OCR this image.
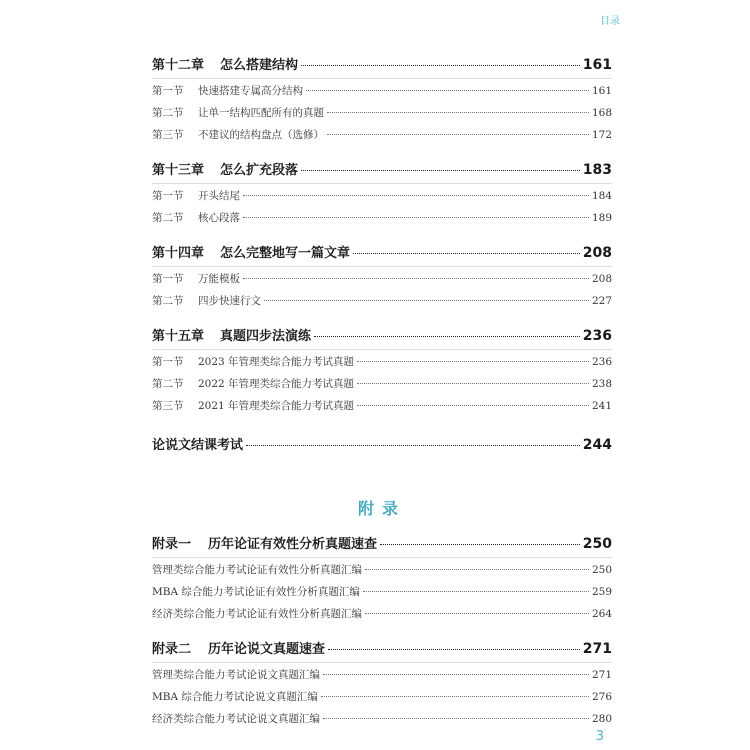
目录
第十二章	怎么搭建结构	161
第一节	快速搭建专属高分结构	161
第二节	让单一结构匹配所有的真题	168
第三节	不建议的结构盘点（选修）	172
第十三章	怎么扩充段落	183
第一节	开头结尾	184
第二节	核心段落	189
第十四章	怎么完整地写一篇文章	208
第一节	万能模板	208
第二节	四步快速行文	227
第十五章	真题四步法演练	236
第一节	2023 年管理类综合能力考试真题	236
第二节	2022 年管理类综合能力考试真题	238
第三节	2021 年管理类综合能力考试真题	241
论说文结课考试	244
附录
附录一	历年论证有效性分析真题速查	250
管理类综合能力考试论证有效性分析真题汇编	250
MBA 综合能力考试论证有效性分析真题汇编	259
经济类综合能力考试论证有效性分析真题汇编	264
附录二	历年论说文真题速查	271
管理类综合能力考试论说文真题汇编	271
MBA 综合能力考试论说文真题汇编	276
经济类综合能力考试论说文真题汇编	280
3
